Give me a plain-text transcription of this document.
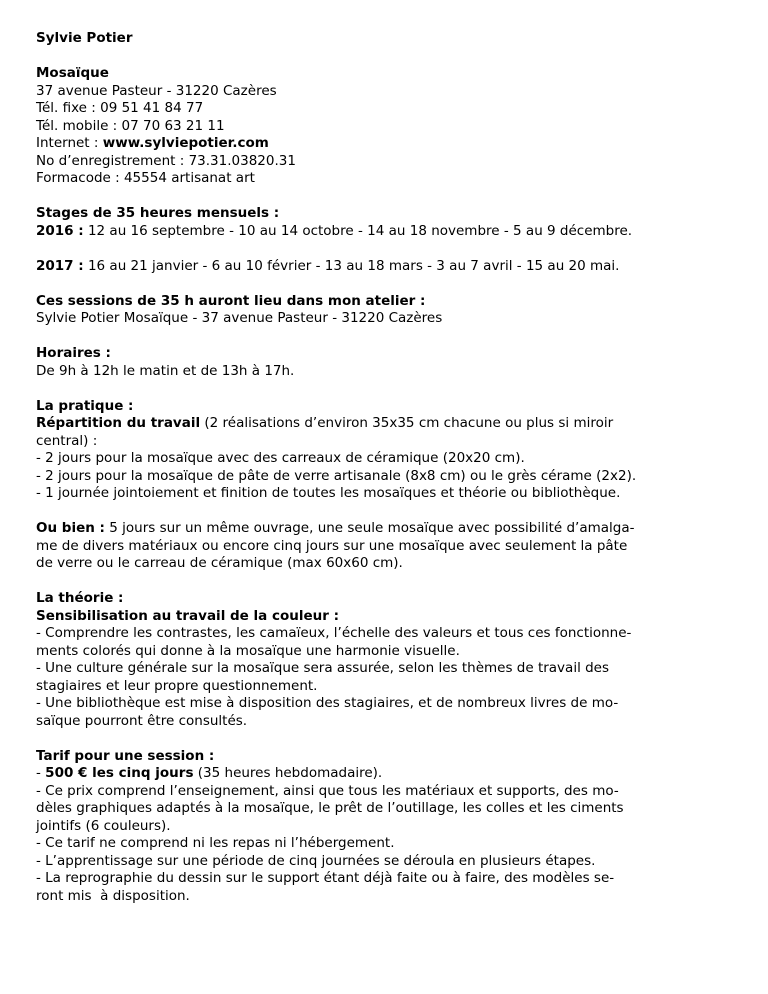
Sylvie Potier

Mosaïque
37 avenue Pasteur - 31220 Cazères
Tél. fixe : 09 51 41 84 77
Tél. mobile : 07 70 63 21 11
Internet : www.sylviepotier.com
No d’enregistrement : 73.31.03820.31
Formacode : 45554 artisanat art

Stages de 35 heures mensuels :
2016 : 12 au 16 septembre - 10 au 14 octobre - 14 au 18 novembre - 5 au 9 décembre.

2017 : 16 au 21 janvier - 6 au 10 février - 13 au 18 mars - 3 au 7 avril - 15 au 20 mai.

Ces sessions de 35 h auront lieu dans mon atelier :
Sylvie Potier Mosaïque - 37 avenue Pasteur - 31220 Cazères

Horaires :
De 9h à 12h le matin et de 13h à 17h.

La pratique :
Répartition du travail (2 réalisations d’environ 35x35 cm chacune ou plus si miroir
central) :
- 2 jours pour la mosaïque avec des carreaux de céramique (20x20 cm).
- 2 jours pour la mosaïque de pâte de verre artisanale (8x8 cm) ou le grès cérame (2x2).
- 1 journée jointoiement et finition de toutes les mosaïques et théorie ou bibliothèque.

Ou bien : 5 jours sur un même ouvrage, une seule mosaïque avec possibilité d’amalga-
me de divers matériaux ou encore cinq jours sur une mosaïque avec seulement la pâte
de verre ou le carreau de céramique (max 60x60 cm).

La théorie :
Sensibilisation au travail de la couleur :
- Comprendre les contrastes, les camaïeux, l’échelle des valeurs et tous ces fonctionne-
ments colorés qui donne à la mosaïque une harmonie visuelle.
- Une culture générale sur la mosaïque sera assurée, selon les thèmes de travail des
stagiaires et leur propre questionnement.
- Une bibliothèque est mise à disposition des stagiaires, et de nombreux livres de mo-
saïque pourront être consultés.

Tarif pour une session :
- 500 € les cinq jours (35 heures hebdomadaire).
- Ce prix comprend l’enseignement, ainsi que tous les matériaux et supports, des mo-
dèles graphiques adaptés à la mosaïque, le prêt de l’outillage, les colles et les ciments
jointifs (6 couleurs).
- Ce tarif ne comprend ni les repas ni l’hébergement.
- L’apprentissage sur une période de cinq journées se déroula en plusieurs étapes.
- La reprographie du dessin sur le support étant déjà faite ou à faire, des modèles se-
ront mis  à disposition.
